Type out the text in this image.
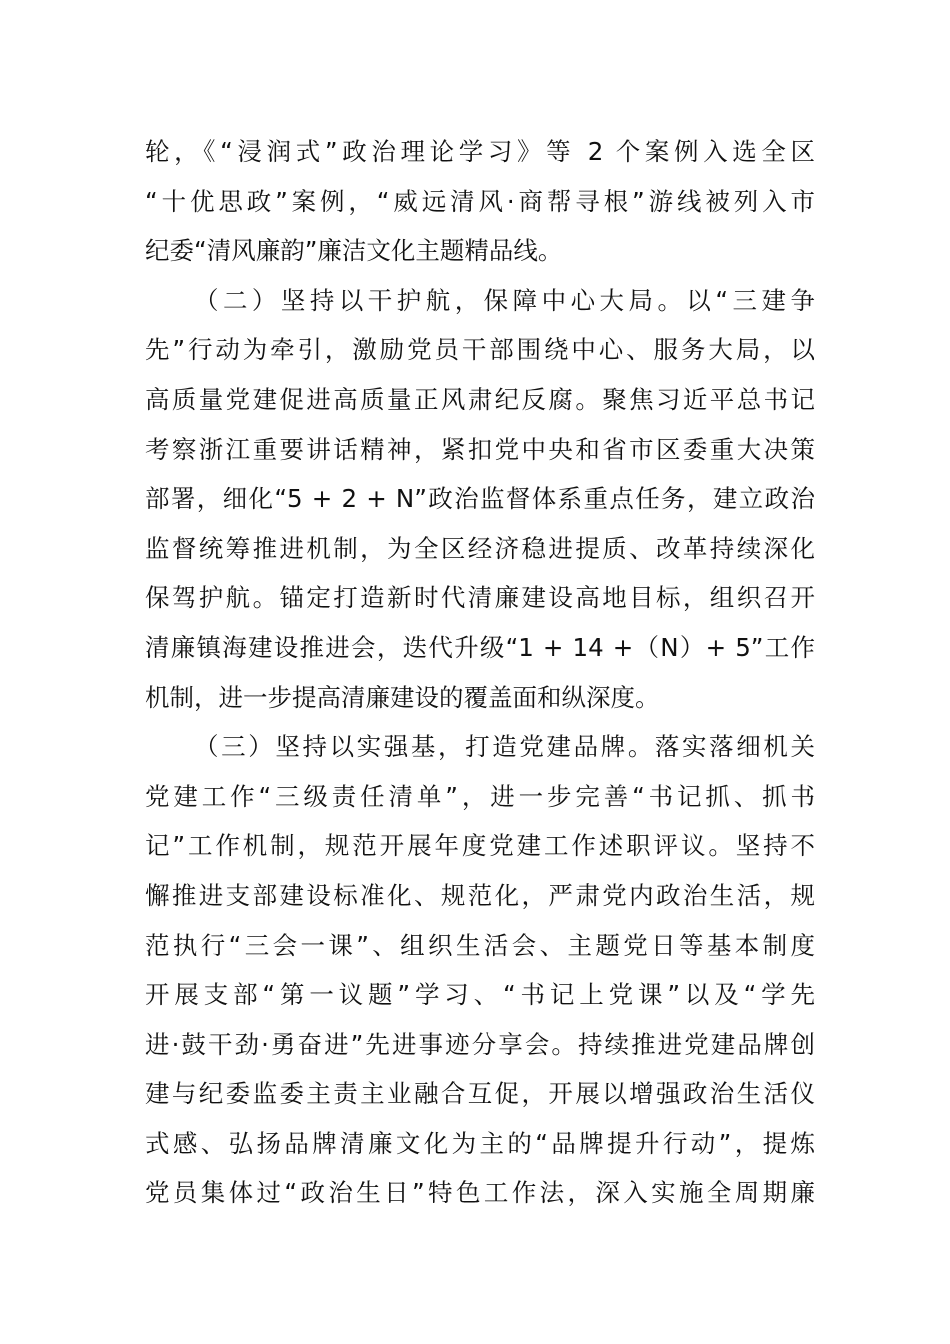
轮，《“浸润式”政治理论学习》等 2 个案例入选全区
“十优思政”案例，“威远清风·商帮寻根”游线被列入市
纪委“清风廉韵”廉洁文化主题精品线。
（二）坚持以干护航，保障中心大局。以“三建争
先”行动为牵引，激励党员干部围绕中心、服务大局，以
高质量党建促进高质量正风肃纪反腐。聚焦习近平总书记
考察浙江重要讲话精神，紧扣党中央和省市区委重大决策
部署，细化“5 + 2 + N”政治监督体系重点任务，建立政治
监督统筹推进机制，为全区经济稳进提质、改革持续深化
保驾护航。锚定打造新时代清廉建设高地目标，组织召开
清廉镇海建设推进会，迭代升级“1 + 14 +（N）+ 5”工作
机制，进一步提高清廉建设的覆盖面和纵深度。
（三）坚持以实强基，打造党建品牌。落实落细机关
党建工作“三级责任清单”，进一步完善“书记抓、抓书
记”工作机制，规范开展年度党建工作述职评议。坚持不
懈推进支部建设标准化、规范化，严肃党内政治生活，规
范执行“三会一课”、组织生活会、主题党日等基本制度
开展支部“第一议题”学习、“书记上党课”以及“学先
进·鼓干劲·勇奋进”先进事迹分享会。持续推进党建品牌创
建与纪委监委主责主业融合互促，开展以增强政治生活仪
式感、弘扬品牌清廉文化为主的“品牌提升行动”，提炼
党员集体过“政治生日”特色工作法，深入实施全周期廉
